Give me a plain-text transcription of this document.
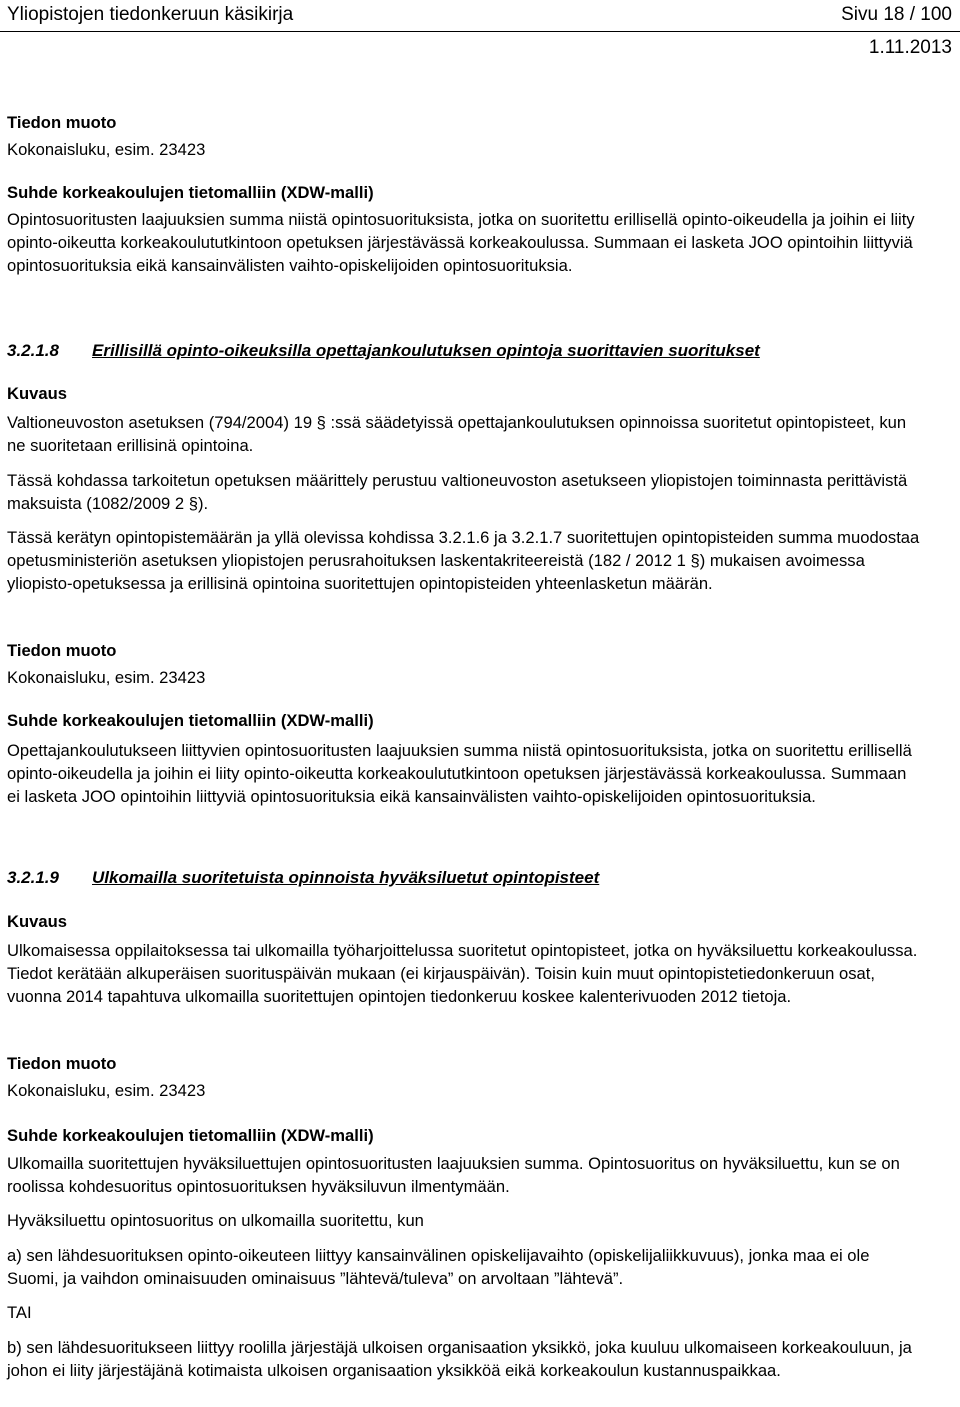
Yliopistojen tiedonkeruun käsikirja	Sivu 18 / 100
1.11.2013
Tiedon muoto
Kokonaisluku, esim. 23423
Suhde korkeakoulujen tietomalliin (XDW-malli)

Opintosuoritusten laajuuksien summa niistä opintosuorituksista, jotka on suoritettu erillisellä opinto-oikeudella ja joihin ei liity opinto-oikeutta korkeakoulututkintoon opetuksen järjestävässä korkeakoulussa. Summaan ei lasketa JOO opintoihin liittyviä opintosuorituksia eikä kansainvälisten vaihto-opiskelijoiden opintosuorituksia.

3.2.1.8 Erillisillä opinto-oikeuksilla opettajankoulutuksen opintoja suorittavien suoritukset
Kuvaus

Valtioneuvoston asetuksen (794/2004) 19 § :ssä säädetyissä opettajankoulutuksen opinnoissa suoritetut opintopisteet, kun ne suoritetaan erillisinä opintoina.

Tässä kohdassa tarkoitetun opetuksen määrittely perustuu valtioneuvoston asetukseen yliopistojen toiminnasta perittävistä maksuista (1082/2009 2 §).

Tässä kerätyn opintopistemäärän ja yllä olevissa kohdissa 3.2.1.6 ja 3.2.1.7 suoritettujen opintopisteiden summa muodostaa opetusministeriön asetuksen yliopistojen perusrahoituksen laskentakriteereistä (182 / 2012 1 §) mukaisen avoimessa yliopisto-opetuksessa ja erillisinä opintoina suoritettujen opintopisteiden yhteenlasketun määrän.

Tiedon muoto
Kokonaisluku, esim. 23423
Suhde korkeakoulujen tietomalliin (XDW-malli)

Opettajankoulutukseen liittyvien opintosuoritusten laajuuksien summa niistä opintosuorituksista, jotka on suoritettu erillisellä opinto-oikeudella ja joihin ei liity opinto-oikeutta korkeakoulututkintoon opetuksen järjestävässä korkeakoulussa. Summaan ei lasketa JOO opintoihin liittyviä opintosuorituksia eikä kansainvälisten vaihto-opiskelijoiden opintosuorituksia.

3.2.1.9 Ulkomailla suoritetuista opinnoista hyväksiluetut opintopisteet
Kuvaus

Ulkomaisessa oppilaitoksessa tai ulkomailla työharjoittelussa suoritetut opintopisteet, jotka on hyväksiluettu korkeakoulussa. Tiedot kerätään alkuperäisen suorituspäivän mukaan (ei kirjauspäivän). Toisin kuin muut opintopistetiedonkeruun osat, vuonna 2014 tapahtuva ulkomailla suoritettujen opintojen tiedonkeruu koskee kalenterivuoden 2012 tietoja.

Tiedon muoto
Kokonaisluku, esim. 23423
Suhde korkeakoulujen tietomalliin (XDW-malli)

Ulkomailla suoritettujen hyväksiluettujen opintosuoritusten laajuuksien summa. Opintosuoritus on hyväksiluettu, kun se on roolissa kohdesuoritus opintosuorituksen hyväksiluvun ilmentymään.

Hyväksiluettu opintosuoritus on ulkomailla suoritettu, kun

a) sen lähdesuorituksen opinto-oikeuteen liittyy kansainvälinen opiskelijavaihto (opiskelijaliikkuvuus), jonka maa ei ole Suomi, ja vaihdon ominaisuuden ominaisuus ”lähtevä/tuleva” on arvoltaan ”lähtevä”.

TAI

b) sen lähdesuoritukseen liittyy roolilla järjestäjä ulkoisen organisaation yksikkö, joka kuuluu ulkomaiseen korkeakouluun, ja johon ei liity järjestäjänä kotimaista ulkoisen organisaation yksikköä eikä korkeakoulun kustannuspaikkaa.
